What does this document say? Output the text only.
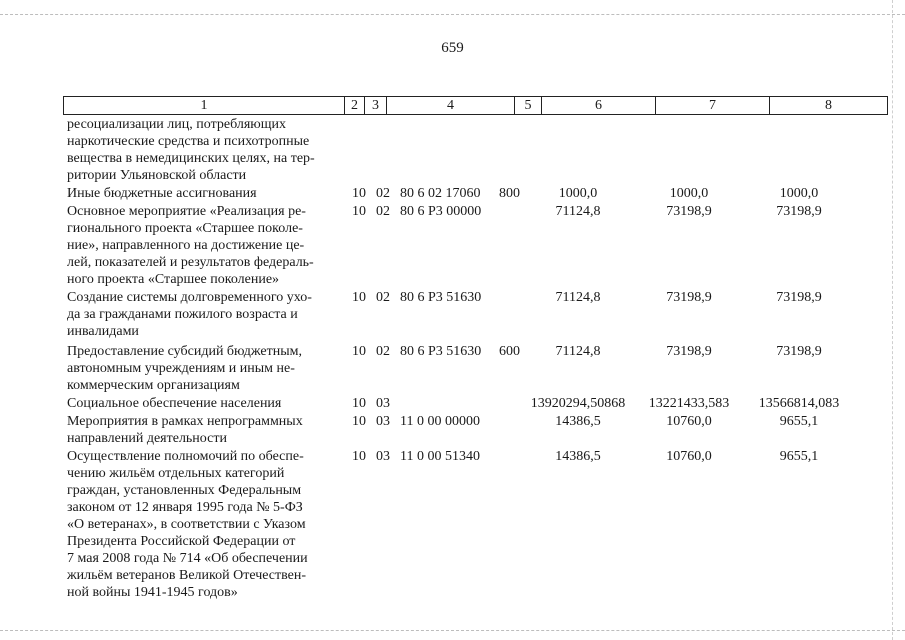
659
1	2	3	4	5	6	7	8
ресоциализации лиц, потребляющих
наркотические средства и психотропные
вещества в немедицинских целях, на тер-
ритории Ульяновской области
Иные бюджетные ассигнования	10 02 80 6 02 17060	800	1000,0	1000,0	1000,0
Основное мероприятие «Реализация ре-
гионального проекта «Старшее поколе-
ние», направленного на достижение це-
лей, показателей и результатов федераль-
ного проекта «Старшее поколение»
10 02 80 6 P3 00000	71124,8	73198,9	73198,9
Создание системы долговременного ухо-
да за гражданами пожилого возраста и
инвалидами
10 02 80 6 P3 51630	71124,8	73198,9	73198,9
Предоставление субсидий бюджетным,
автономным учреждениям и иным не-
коммерческим организациям
10 02 80 6 P3 51630	600	71124,8	73198,9	73198,9
Социальное обеспечение населения	10 03	13920294,50868	13221433,583	13566814,083
Мероприятия в рамках непрограммных
направлений деятельности
10 03 11 0 00 00000	14386,5	10760,0	9655,1
Осуществление полномочий по обеспе-
чению жильём отдельных категорий
граждан, установленных Федеральным
законом от 12 января 1995 года № 5-ФЗ
«О ветеранах», в соответствии с Указом
Президента Российской Федерации от
7 мая 2008 года № 714 «Об обеспечении
жильём ветеранов Великой Отечествен-
ной войны 1941-1945 годов»
10 03 11 0 00 51340	14386,5	10760,0	9655,1
